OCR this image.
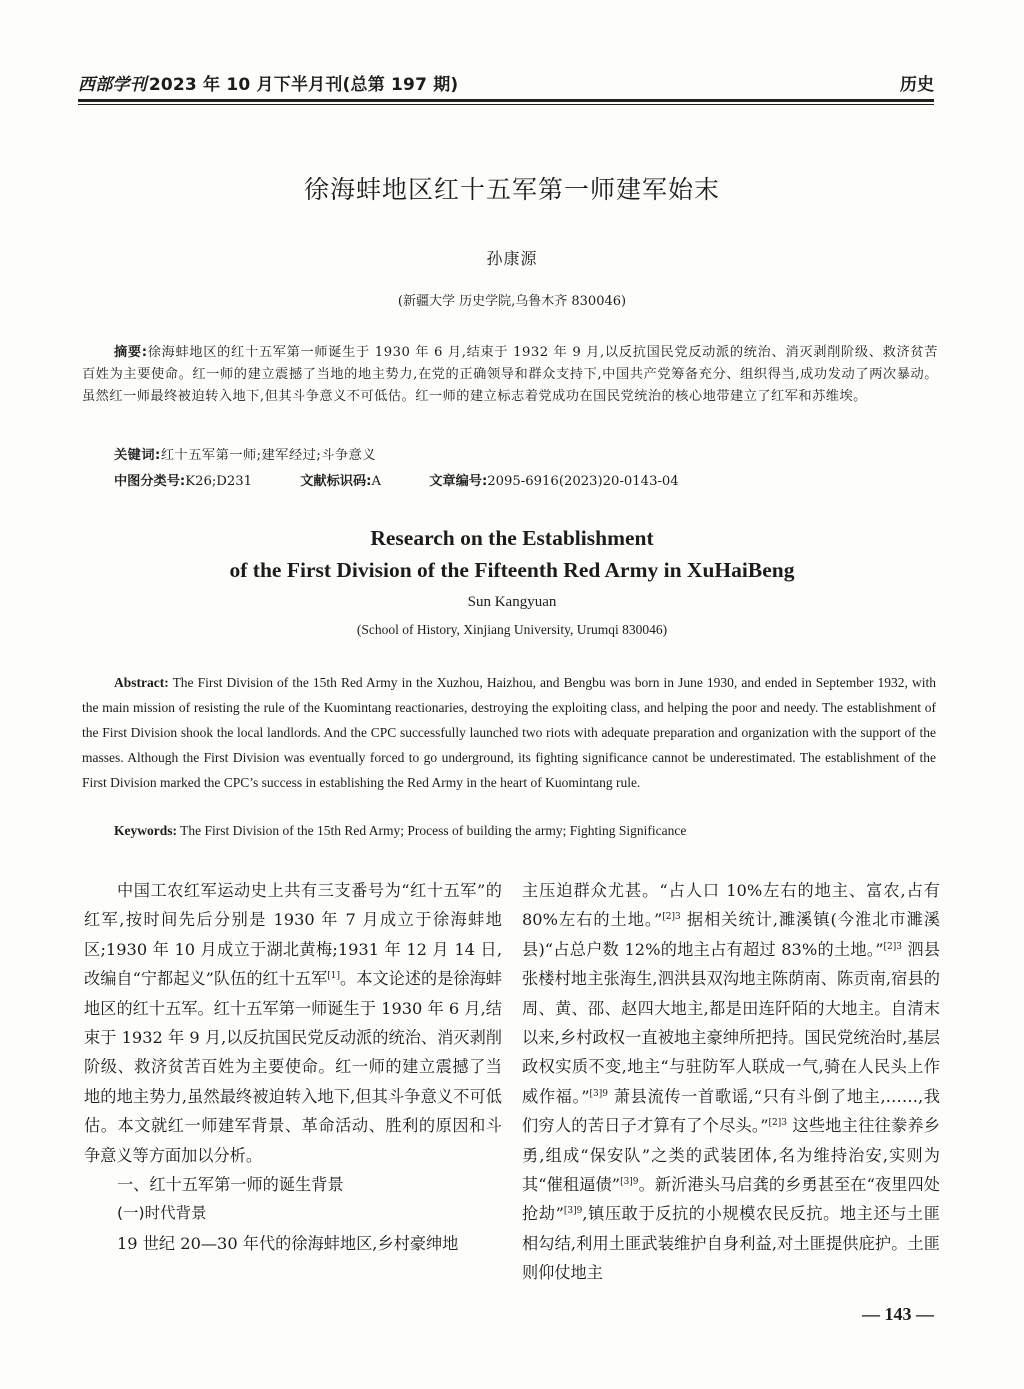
西部学刊 2023 年 10 月下半月刊(总第 197 期)	历史
徐海蚌地区红十五军第一师建军始末
孙康源
(新疆大学 历史学院,乌鲁木齐 830046)
摘要:徐海蚌地区的红十五军第一师诞生于 1930 年 6 月,结束于 1932 年 9 月,以反抗国民党反动派的统治、消灭剥削阶级、救济贫苦百姓为主要使命。红一师的建立震撼了当地的地主势力,在党的正确领导和群众支持下,中国共产党筹备充分、组织得当,成功发动了两次暴动。虽然红一师最终被迫转入地下,但其斗争意义不可低估。红一师的建立标志着党成功在国民党统治的核心地带建立了红军和苏维埃。
关键词:红十五军第一师;建军经过;斗争意义
中图分类号:K26;D231	文献标识码:A	文章编号:2095-6916(2023)20-0143-04
Research on the Establishment
of the First Division of the Fifteenth Red Army in XuHaiBeng
Sun Kangyuan
(School of History, Xinjiang University, Urumqi 830046)
Abstract: The First Division of the 15th Red Army in the Xuzhou, Haizhou, and Bengbu was born in June 1930, and ended in September 1932, with the main mission of resisting the rule of the Kuomintang reactionaries, destroying the exploiting class, and helping the poor and needy. The establishment of the First Division shook the local landlords. And the CPC successfully launched two riots with adequate preparation and organization with the support of the masses. Although the First Division was eventually forced to go underground, its fighting significance cannot be underestimated. The establishment of the First Division marked the CPC’s success in establishing the Red Army in the heart of Kuomintang rule.
Keywords: The First Division of the 15th Red Army; Process of building the army; Fighting Significance

中国工农红军运动史上共有三支番号为“红十五军”的红军,按时间先后分别是 1930 年 7 月成立于徐海蚌地区;1930 年 10 月成立于湖北黄梅;1931 年 12 月 14 日,改编自“宁都起义”队伍的红十五军[1]。本文论述的是徐海蚌地区的红十五军。红十五军第一师诞生于 1930 年 6 月,结束于 1932 年 9 月,以反抗国民党反动派的统治、消灭剥削阶级、救济贫苦百姓为主要使命。红一师的建立震撼了当地的地主势力,虽然最终被迫转入地下,但其斗争意义不可低估。本文就红一师建军背景、革命活动、胜利的原因和斗争意义等方面加以分析。

一、红十五军第一师的诞生背景
(一)时代背景

19 世纪 20—30 年代的徐海蚌地区,乡村豪绅地

主压迫群众尤甚。“占人口 10%左右的地主、富农,占有 80%左右的土地。”$^{[2]3}$ 据相关统计,濉溪镇(今淮北市濉溪县)“占总户数 12%的地主占有超过 83%的土地。”$^{[2]3}$ 泗县张楼村地主张海生,泗洪县双沟地主陈荫南、陈贡南,宿县的周、黄、邵、赵四大地主,都是田连阡陌的大地主。自清末以来,乡村政权一直被地主豪绅所把持。国民党统治时,基层政权实质不变,地主“与驻防军人联成一气,骑在人民头上作威作福。”$^{[3]9}$ 萧县流传一首歌谣,“只有斗倒了地主,……,我们穷人的苦日子才算有了个尽头。”$^{[2]3}$ 这些地主往往豢养乡勇,组成“保安队”之类的武装团体,名为维持治安,实则为其“催租逼债”$^{[3]9}$。新沂港头马启龚的乡勇甚至在“夜里四处抢劫”$^{[3]9}$,镇压敢于反抗的小规模农民反抗。地主还与土匪相勾结,利用土匪武装维护自身利益,对土匪提供庇护。土匪则仰仗地主

— 143 —
